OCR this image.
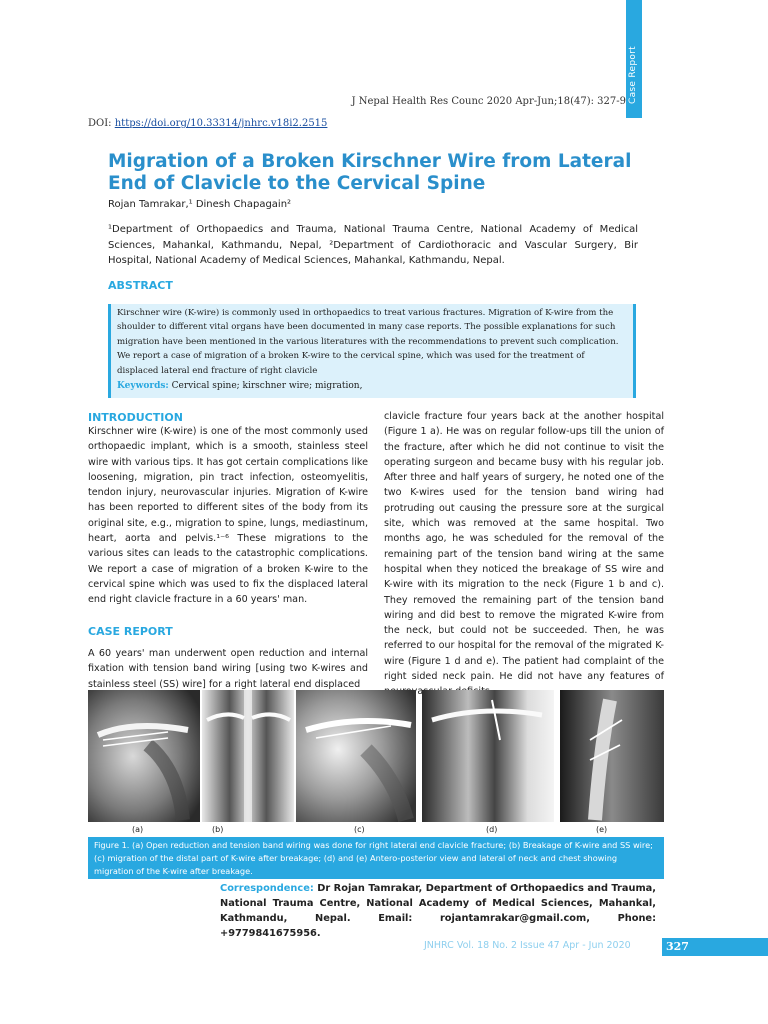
Case Report
J Nepal Health Res Counc 2020 Apr-Jun;18(47): 327-9
DOI: https://doi.org/10.33314/jnhrc.v18i2.2515
Migration of a Broken Kirschner Wire from Lateral End of Clavicle to the Cervical Spine
Rojan Tamrakar,¹ Dinesh Chapagain²
¹Department of Orthopaedics and Trauma, National Trauma Centre, National Academy of Medical Sciences, Mahankal, Kathmandu, Nepal, ²Department of Cardiothoracic and Vascular Surgery, Bir Hospital, National Academy of Medical Sciences, Mahankal, Kathmandu, Nepal.
ABSTRACT
Kirschner wire (K-wire) is commonly used in orthopaedics to treat various fractures. Migration of K-wire from the shoulder to different vital organs have been documented in many case reports. The possible explanations for such migration have been mentioned in the various literatures with the recommendations to prevent such complication. We report a case of migration of a broken K-wire to the cervical spine, which was used for the treatment of displaced lateral end fracture of right clavicle
Keywords: Cervical spine; kirschner wire; migration,
INTRODUCTION

Kirschner wire (K-wire) is one of the most commonly used orthopaedic implant, which is a smooth, stainless steel wire with various tips. It has got certain complications like loosening, migration, pin tract infection, osteomyelitis, tendon injury, neurovascular injuries. Migration of K-wire has been reported to different sites of the body from its original site, e.g., migration to spine, lungs, mediastinum, heart, aorta and pelvis.¹⁻⁶ These migrations to the various sites can leads to the catastrophic complications. We report a case of migration of a broken K-wire to the cervical spine which was used to fix the displaced lateral end right clavicle fracture in a 60 years' man.

CASE REPORT

A 60 years' man underwent open reduction and internal fixation with tension band wiring [using two K-wires and stainless steel (SS) wire] for a right lateral end displaced

clavicle fracture four years back at the another hospital (Figure 1 a). He was on regular follow-ups till the union of the fracture, after which he did not continue to visit the operating surgeon and became busy with his regular job. After three and half years of surgery, he noted one of the two K-wires used for the tension band wiring had protruding out causing the pressure sore at the surgical site, which was removed at the same hospital. Two months ago, he was scheduled for the removal of the remaining part of the tension band wiring at the same hospital when they noticed the breakage of SS wire and K-wire with its migration to the neck (Figure 1 b and c). They removed the remaining part of the tension band wiring and did best to remove the migrated K-wire from the neck, but could not be succeeded. Then, he was referred to our hospital for the removal of the migrated K-wire (Figure 1 d and e). The patient had complaint of the right sided neck pain. He did not have any features of neurovascular

(a)	(b)	(c)	(d)	(e)
Figure 1. (a) Open reduction and tension band wiring was done for right lateral end clavicle fracture; (b) Breakage of K-wire and SS wire; (c) migration of the distal part of K-wire after breakage; (d) and (e) Antero-posterior view and lateral of neck and chest showing migration of the K-wire after breakage.
Correspondence: Dr Rojan Tamrakar, Department of Orthopaedics and Trauma, National Trauma Centre, National Academy of Medical Sciences, Mahankal, Kathmandu, Nepal. Email: rojantamrakar@gmail.com, Phone: +9779841675956.
JNHRC Vol. 18 No. 2 Issue 47 Apr - Jun 2020	327
